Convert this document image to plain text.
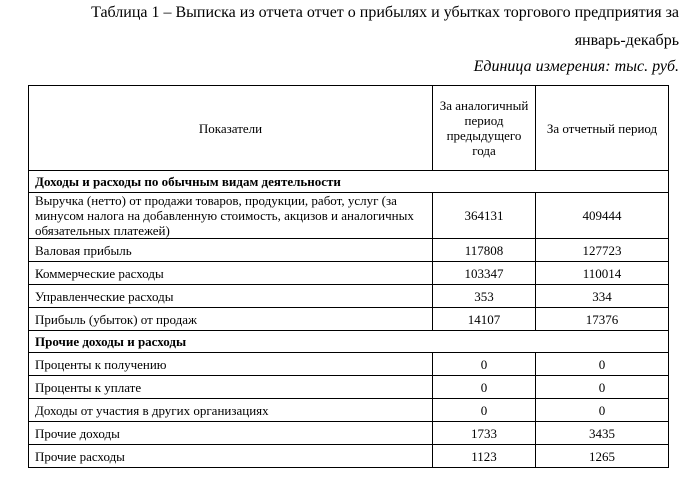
Таблица 1 – Выписка из отчета отчет о прибылях и убытках торгового предприятия за
январь-декабрь
Единица измерения: тыс. руб.
Показатели	За аналогичный период предыдущего года	За отчетный период
Доходы и расходы по обычным видам деятельности		
Выручка (нетто) от продажи товаров, продукции, работ, услуг (за минусом налога на добавленную стоимость, акцизов и аналогичных обязательных платежей)	364131	409444
Валовая прибыль	117808	127723
Коммерческие расходы	103347	110014
Управленческие расходы	353	334
Прибыль (убыток) от продаж	14107	17376
Прочие доходы и расходы		
Проценты к получению	0	0
Проценты к уплате	0	0
Доходы от участия в других организациях	0	0
Прочие доходы	1733	3435
Прочие расходы	1123	1265
